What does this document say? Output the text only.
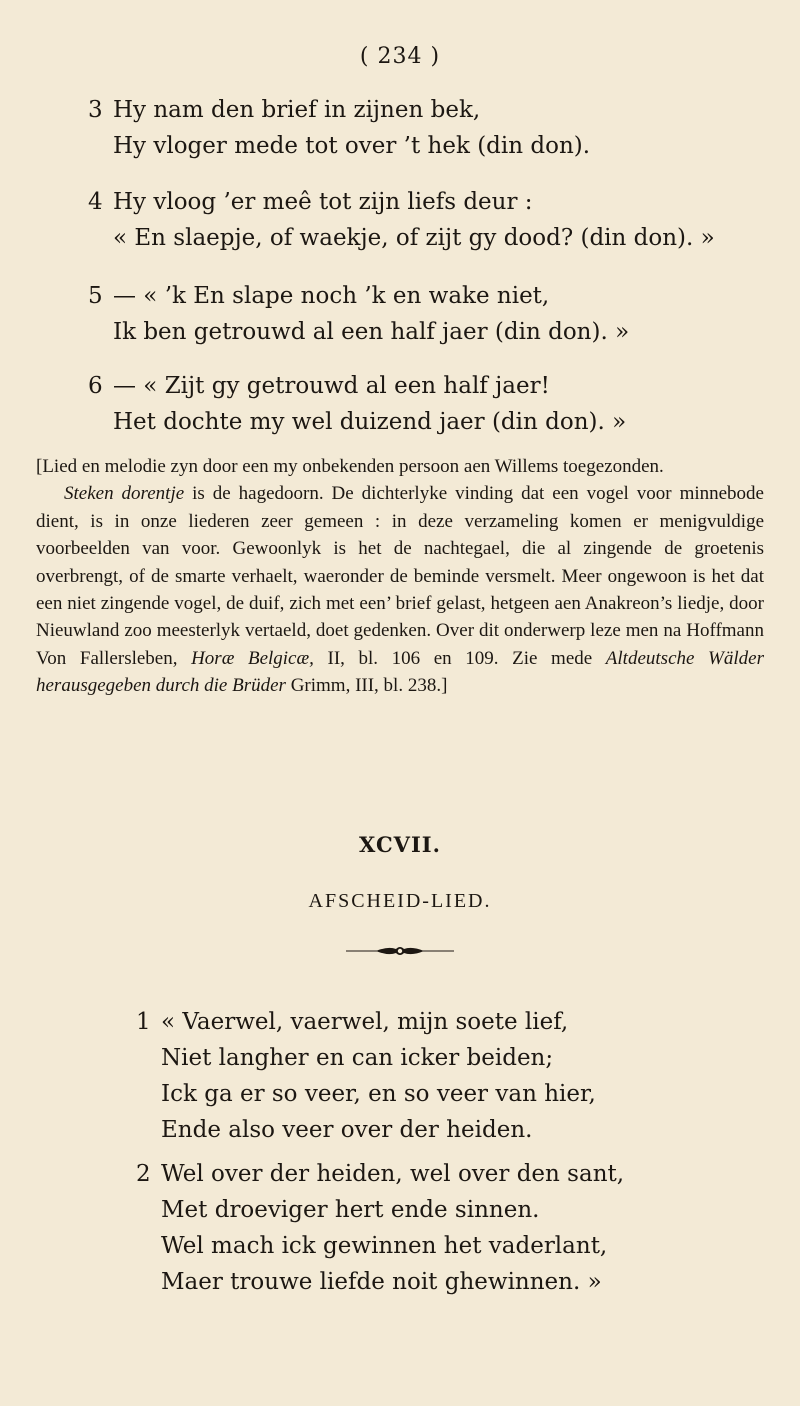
( 234 )
3 Hy nam den brief in zijnen bek,
Hy vloger mede tot over ’t hek (din don).
4 Hy vloog ’er meê tot zijn liefs deur :
« En slaepje, of waekje, of zijt gy dood? (din don). »
5 — « ’k En slape noch ’k en wake niet,
Ik ben getrouwd al een half jaer (din don). »
6 — « Zijt gy getrouwd al een half jaer!
Het dochte my wel duizend jaer (din don). »

[Lied en melodie zyn door een my onbekenden persoon aen Willems toegezonden.

Steken dorentje is de hagedoorn. De dichterlyke vinding dat een vogel voor minnebode dient, is in onze liederen zeer gemeen : in deze verzameling komen er menigvuldige voorbeelden van voor. Gewoonlyk is het de nachtegael, die al zingende de groetenis overbrengt, of de smarte verhaelt, waeronder de beminde versmelt. Meer ongewoon is het dat een niet zingende vogel, de duif, zich met een’ brief gelast, hetgeen aen Anakreon’s liedje, door Nieuwland zoo meesterlyk vertaeld, doet gedenken. Over dit onderwerp leze men na Hoffmann Von Fallersleben, Horæ Belgicæ, II, bl. 106 en 109. Zie mede Altdeutsche Wälder herausgegeben durch die Brüder Grimm, III, bl. 238.]

XCVII.
AFSCHEID-LIED.
1 « Vaerwel, vaerwel, mijn soete lief,
Niet langher en can icker beiden;
Ick ga er so veer, en so veer van hier,
Ende also veer over der heiden.
2 Wel over der heiden, wel over den sant,
Met droeviger hert ende sinnen.
Wel mach ick gewinnen het vaderlant,
Maer trouwe liefde noit ghewinnen. »
